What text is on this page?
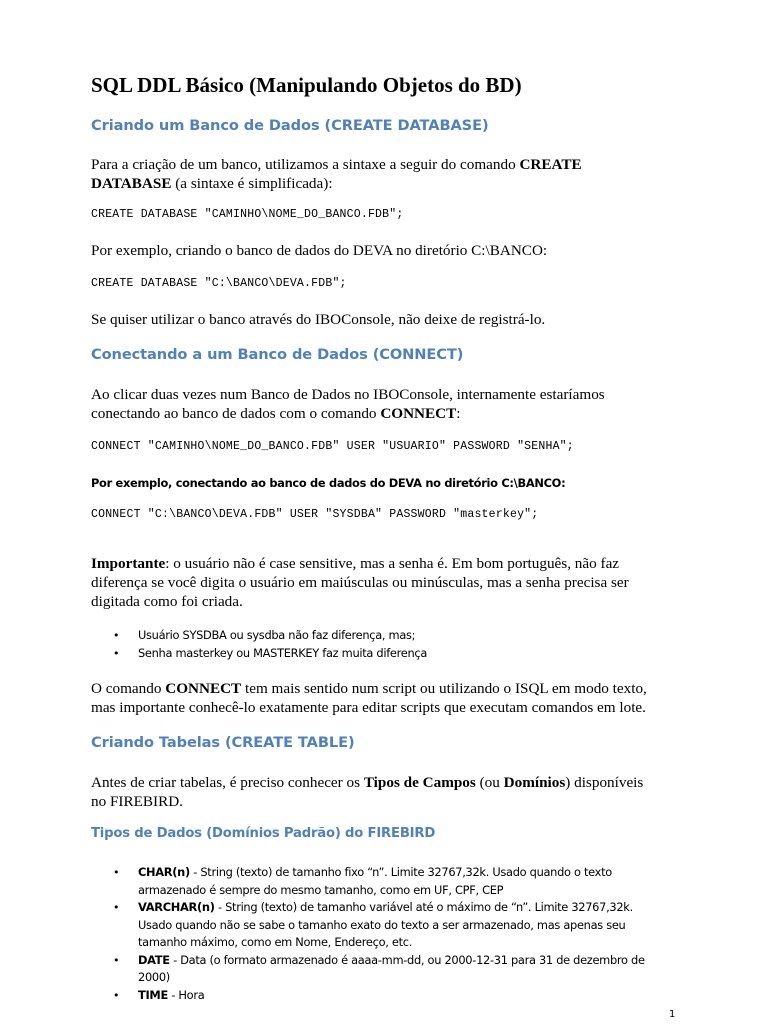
SQL DDL Básico (Manipulando Objetos do BD)
Criando um Banco de Dados (CREATE DATABASE)

Para a criação de um banco, utilizamos a sintaxe a seguir do comando CREATE DATABASE (a sintaxe é simplificada):

CREATE DATABASE "CAMINHO\NOME_DO_BANCO.FDB";

Por exemplo, criando o banco de dados do DEVA no diretório C:\BANCO:

CREATE DATABASE "C:\BANCO\DEVA.FDB";

Se quiser utilizar o banco através do IBOConsole, não deixe de registrá-lo.

Conectando a um Banco de Dados (CONNECT)

Ao clicar duas vezes num Banco de Dados no IBOConsole, internamente estaríamos conectando ao banco de dados com o comando CONNECT:

CONNECT "CAMINHO\NOME_DO_BANCO.FDB" USER "USUARIO" PASSWORD "SENHA";
Por exemplo, conectando ao banco de dados do DEVA no diretório C:\BANCO:
CONNECT "C:\BANCO\DEVA.FDB" USER "SYSDBA" PASSWORD "masterkey";

Importante: o usuário não é case sensitive, mas a senha é. Em bom português, não faz diferença se você digita o usuário em maiúsculas ou minúsculas, mas a senha precisa ser digitada como foi criada.

• Usuário SYSDBA ou sysdba não faz diferença, mas;
• Senha masterkey ou MASTERKEY faz muita diferença

O comando CONNECT tem mais sentido num script ou utilizando o ISQL em modo texto, mas importante conhecê-lo exatamente para editar scripts que executam comandos em lote.

Criando Tabelas (CREATE TABLE)

Antes de criar tabelas, é preciso conhecer os Tipos de Campos (ou Domínios) disponíveis no FIREBIRD.

Tipos de Dados (Domínios Padrão) do FIREBIRD
• CHAR(n) - String (texto) de tamanho fixo “n”. Limite 32767,32k. Usado quando o texto armazenado é sempre do mesmo tamanho, como em UF, CPF, CEP
• VARCHAR(n) - String (texto) de tamanho variável até o máximo de “n”. Limite 32767,32k. Usado quando não se sabe o tamanho exato do texto a ser armazenado, mas apenas seu tamanho máximo, como em Nome, Endereço, etc.
• DATE - Data (o formato armazenado é aaaa-mm-dd, ou 2000-12-31 para 31 de dezembro de 2000)
• TIME - Hora
1
